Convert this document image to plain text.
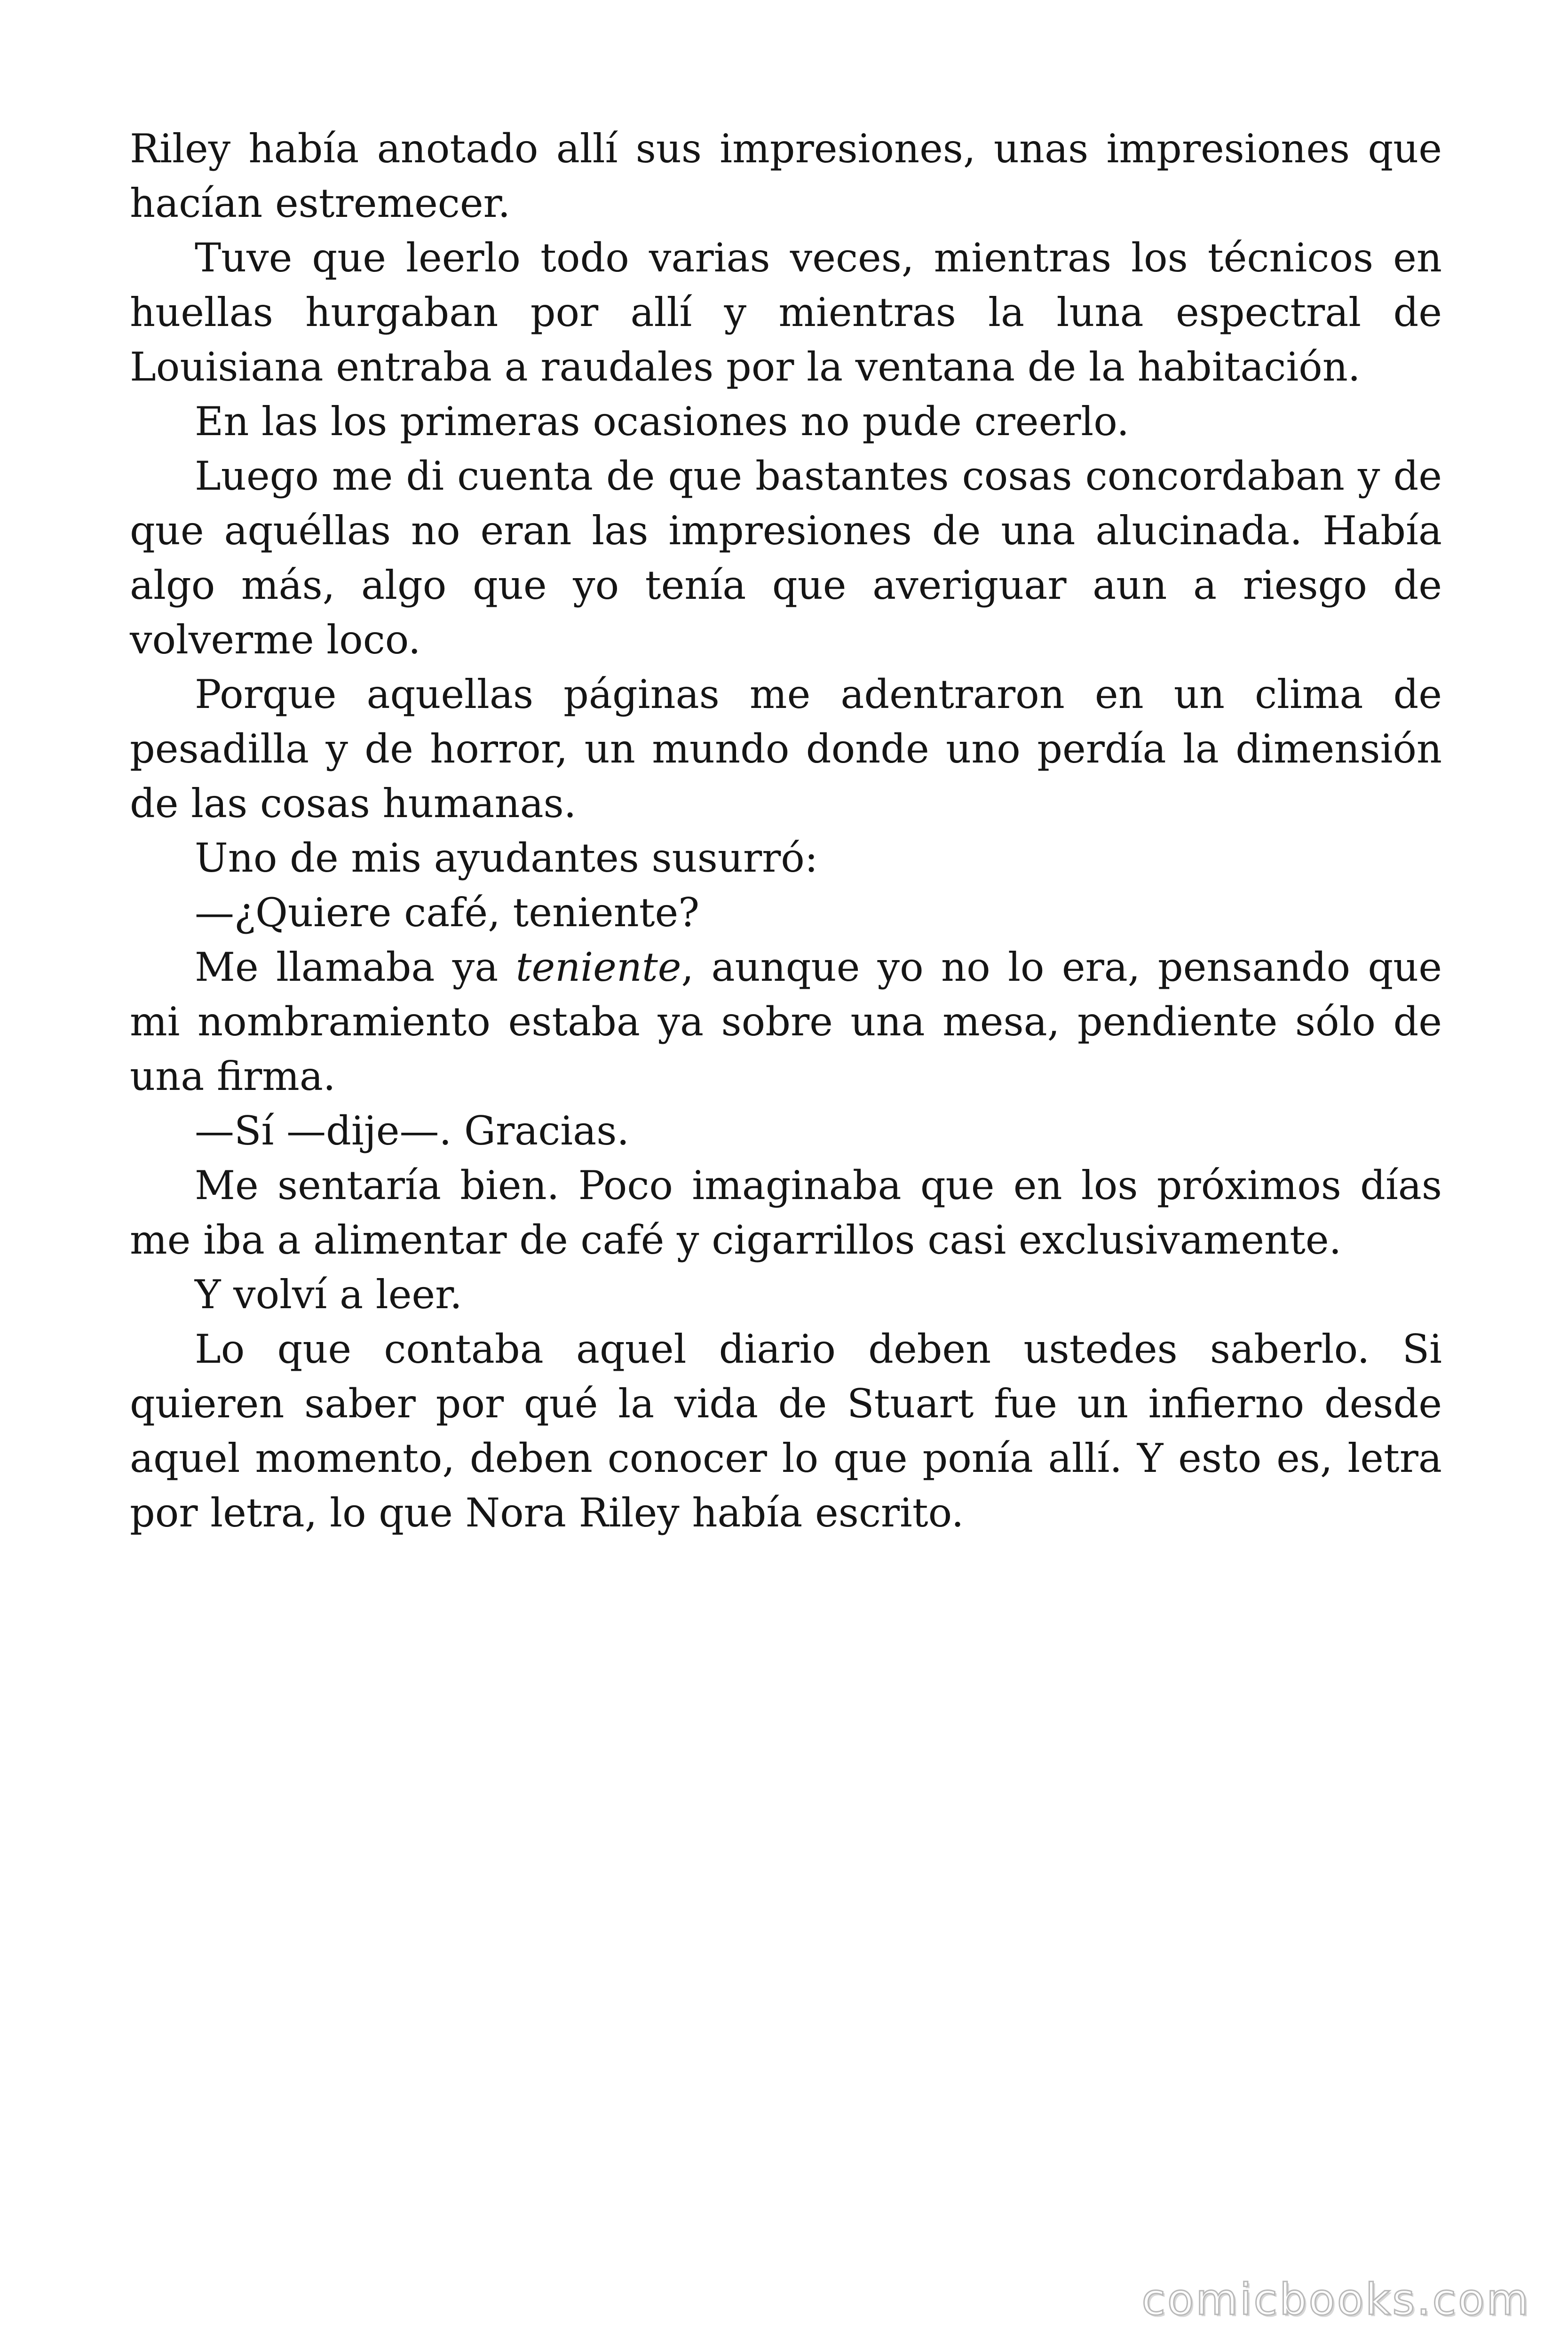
Riley había anotado allí sus impresiones, unas impresiones que hacían estremecer.

Tuve que leerlo todo varias veces, mientras los técnicos en huellas hurgaban por allí y mientras la luna espectral de Louisiana entraba a raudales por la ventana de la habitación.

En las los primeras ocasiones no pude creerlo.

Luego me di cuenta de que bastantes cosas concordaban y de que aquéllas no eran las impresiones de una alucinada. Había algo más, algo que yo tenía que averiguar aun a riesgo de volverme loco.

Porque aquellas páginas me adentraron en un clima de pesadilla y de horror, un mundo donde uno perdía la dimensión de las cosas humanas.

Uno de mis ayudantes susurró:

—¿Quiere café, teniente?

Me llamaba ya teniente, aunque yo no lo era, pensando que mi nombramiento estaba ya sobre una mesa, pendiente sólo de una firma.

—Sí —dije—. Gracias.

Me sentaría bien. Poco imaginaba que en los próximos días me iba a alimentar de café y cigarrillos casi exclusivamente.

Y volví a leer.

Lo que contaba aquel diario deben ustedes saberlo. Si quieren saber por qué la vida de Stuart fue un infierno desde aquel momento, deben conocer lo que ponía allí. Y esto es, letra por letra, lo que Nora Riley había escrito.

comicbooks.com
